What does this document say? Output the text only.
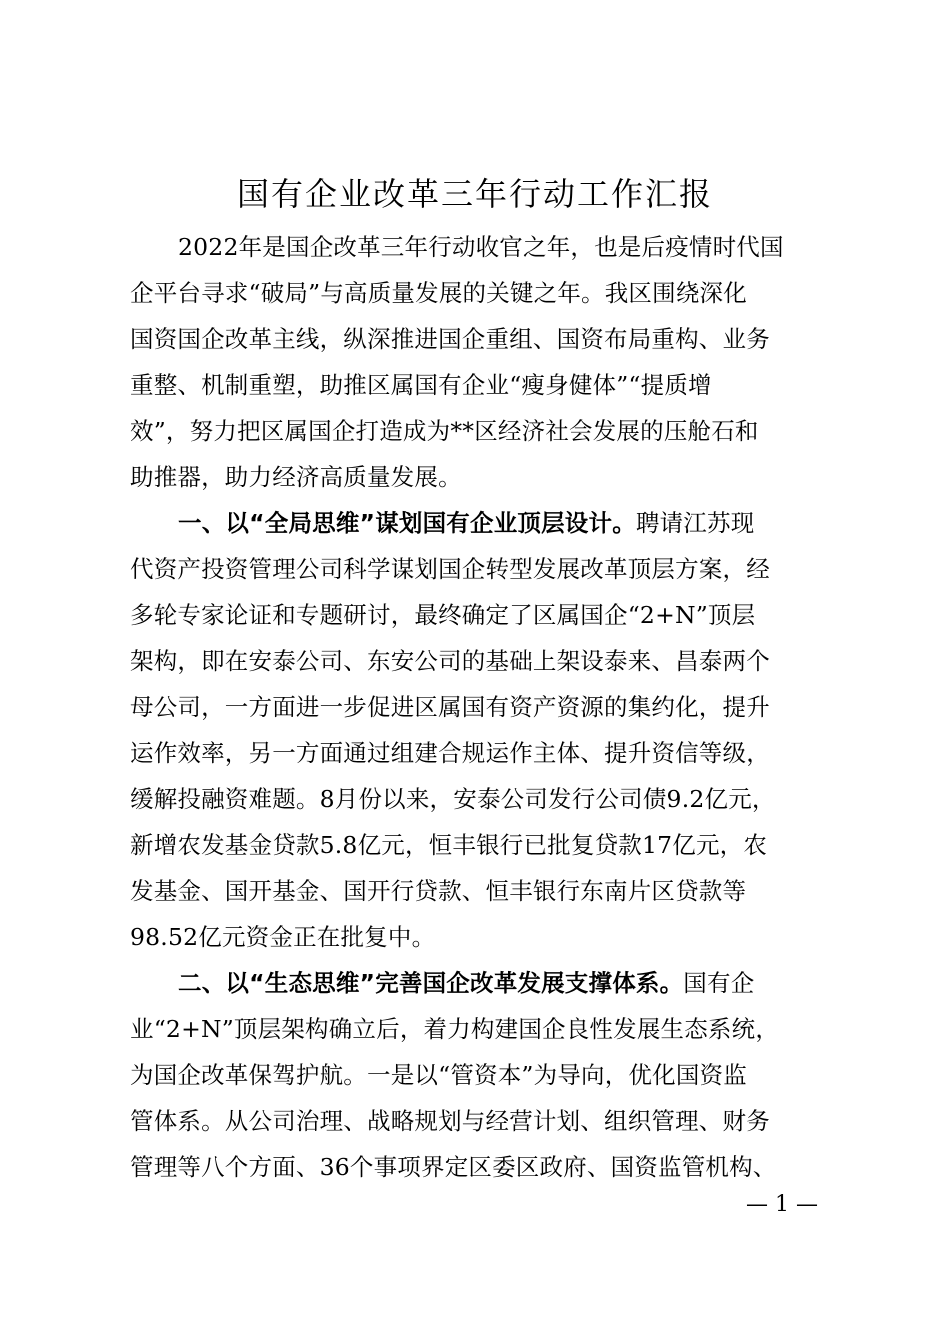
国有企业改革三年行动工作汇报
2022年是国企改革三年行动收官之年，也是后疫情时代国
企平台寻求“破局”与高质量发展的关键之年。我区围绕深化
国资国企改革主线，纵深推进国企重组、国资布局重构、业务
重整、机制重塑，助推区属国有企业“瘦身健体”“提质增
效”，努力把区属国企打造成为**区经济社会发展的压舱石和
助推器，助力经济高质量发展。
一、以“全局思维”谋划国有企业顶层设计。聘请江苏现
代资产投资管理公司科学谋划国企转型发展改革顶层方案，经
多轮专家论证和专题研讨，最终确定了区属国企“2+N”顶层
架构，即在安泰公司、东安公司的基础上架设泰来、昌泰两个
母公司，一方面进一步促进区属国有资产资源的集约化，提升
运作效率，另一方面通过组建合规运作主体、提升资信等级，
缓解投融资难题。8月份以来，安泰公司发行公司债9.2亿元，
新增农发基金贷款5.8亿元，恒丰银行已批复贷款17亿元，农
发基金、国开基金、国开行贷款、恒丰银行东南片区贷款等
98.52亿元资金正在批复中。
二、以“生态思维”完善国企改革发展支撑体系。国有企
业“2+N”顶层架构确立后，着力构建国企良性发展生态系统，
为国企改革保驾护航。一是以“管资本”为导向，优化国资监
管体系。从公司治理、战略规划与经营计划、组织管理、财务
管理等八个方面、36个事项界定区委区政府、国资监管机构、
— 1 —
